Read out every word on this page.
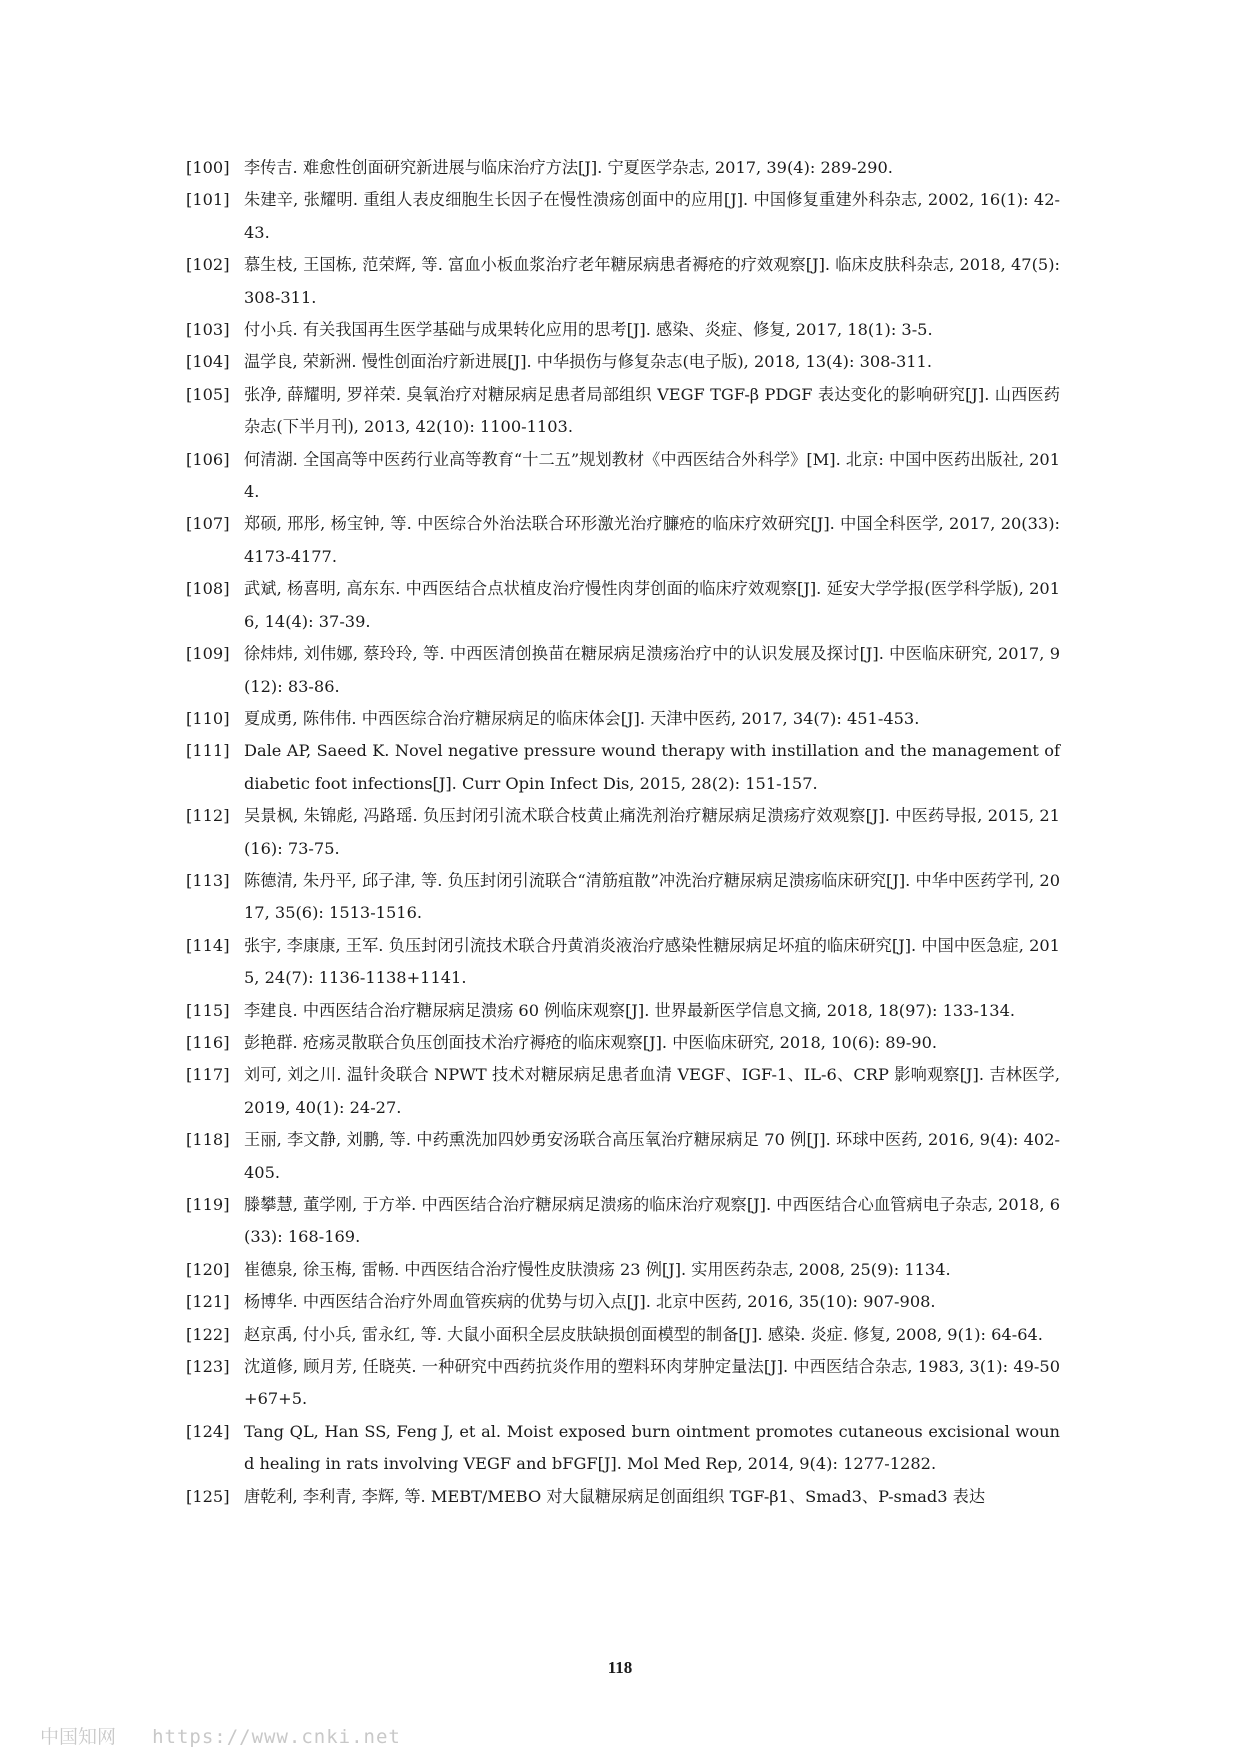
[100] 李传吉. 难愈性创面研究新进展与临床治疗方法[J]. 宁夏医学杂志, 2017, 39(4): 289-290.
[101] 朱建辛, 张耀明. 重组人表皮细胞生长因子在慢性溃疡创面中的应用[J]. 中国修复重建外科杂志, 2002, 16(1): 42-43.
[102] 慕生枝, 王国栋, 范荣辉, 等. 富血小板血浆治疗老年糖尿病患者褥疮的疗效观察[J]. 临床皮肤科杂志, 2018, 47(5): 308-311.
[103] 付小兵. 有关我国再生医学基础与成果转化应用的思考[J]. 感染、炎症、修复, 2017, 18(1): 3-5.
[104] 温学良, 荣新洲. 慢性创面治疗新进展[J]. 中华损伤与修复杂志(电子版), 2018, 13(4): 308-311.
[105] 张净, 薛耀明, 罗祥荣. 臭氧治疗对糖尿病足患者局部组织 VEGF TGF-β PDGF 表达变化的影响研究[J]. 山西医药杂志(下半月刊), 2013, 42(10): 1100-1103.
[106] 何清湖. 全国高等中医药行业高等教育“十二五”规划教材《中西医结合外科学》[M]. 北京: 中国中医药出版社, 2014.
[107] 郑硕, 邢彤, 杨宝钟, 等. 中医综合外治法联合环形激光治疗臁疮的临床疗效研究[J]. 中国全科医学, 2017, 20(33): 4173-4177.
[108] 武斌, 杨喜明, 高东东. 中西医结合点状植皮治疗慢性肉芽创面的临床疗效观察[J]. 延安大学学报(医学科学版), 2016, 14(4): 37-39.
[109] 徐炜炜, 刘伟娜, 蔡玲玲, 等. 中西医清创换苗在糖尿病足溃疡治疗中的认识发展及探讨[J]. 中医临床研究, 2017, 9(12): 83-86.
[110] 夏成勇, 陈伟伟. 中西医综合治疗糖尿病足的临床体会[J]. 天津中医药, 2017, 34(7): 451-453.
[111] Dale AP, Saeed K. Novel negative pressure wound therapy with instillation and the management of diabetic foot infections[J]. Curr Opin Infect Dis, 2015, 28(2): 151-157.
[112] 吴景枫, 朱锦彪, 冯路瑶. 负压封闭引流术联合枝黄止痛洗剂治疗糖尿病足溃疡疗效观察[J]. 中医药导报, 2015, 21(16): 73-75.
[113] 陈德清, 朱丹平, 邱子津, 等. 负压封闭引流联合“清筋疽散”冲洗治疗糖尿病足溃疡临床研究[J]. 中华中医药学刊, 2017, 35(6): 1513-1516.
[114] 张宇, 李康康, 王军. 负压封闭引流技术联合丹黄消炎液治疗感染性糖尿病足坏疽的临床研究[J]. 中国中医急症, 2015, 24(7): 1136-1138+1141.
[115] 李建良. 中西医结合治疗糖尿病足溃疡 60 例临床观察[J]. 世界最新医学信息文摘, 2018, 18(97): 133-134.
[116] 彭艳群. 疮疡灵散联合负压创面技术治疗褥疮的临床观察[J]. 中医临床研究, 2018, 10(6): 89-90.
[117] 刘可, 刘之川. 温针灸联合 NPWT 技术对糖尿病足患者血清 VEGF、IGF-1、IL-6、CRP 影响观察[J]. 吉林医学, 2019, 40(1): 24-27.
[118] 王丽, 李文静, 刘鹏, 等. 中药熏洗加四妙勇安汤联合高压氧治疗糖尿病足 70 例[J]. 环球中医药, 2016, 9(4): 402-405.
[119] 滕攀慧, 董学刚, 于方举. 中西医结合治疗糖尿病足溃疡的临床治疗观察[J]. 中西医结合心血管病电子杂志, 2018, 6(33): 168-169.
[120] 崔德泉, 徐玉梅, 雷畅. 中西医结合治疗慢性皮肤溃疡 23 例[J]. 实用医药杂志, 2008, 25(9): 1134.
[121] 杨博华. 中西医结合治疗外周血管疾病的优势与切入点[J]. 北京中医药, 2016, 35(10): 907-908.
[122] 赵京禹, 付小兵, 雷永红, 等. 大鼠小面积全层皮肤缺损创面模型的制备[J]. 感染. 炎症. 修复, 2008, 9(1): 64-64.
[123] 沈道修, 顾月芳, 任晓英. 一种研究中西药抗炎作用的塑料环肉芽肿定量法[J]. 中西医结合杂志, 1983, 3(1): 49-50+67+5.
[124] Tang QL, Han SS, Feng J, et al. Moist exposed burn ointment promotes cutaneous excisional wound healing in rats involving VEGF and bFGF[J]. Mol Med Rep, 2014, 9(4): 1277-1282.
[125] 唐乾利, 李利青, 李辉, 等. MEBT/MEBO 对大鼠糖尿病足创面组织 TGF-β1、Smad3、P-smad3 表达
118
中国知网 https://www.cnki.net
